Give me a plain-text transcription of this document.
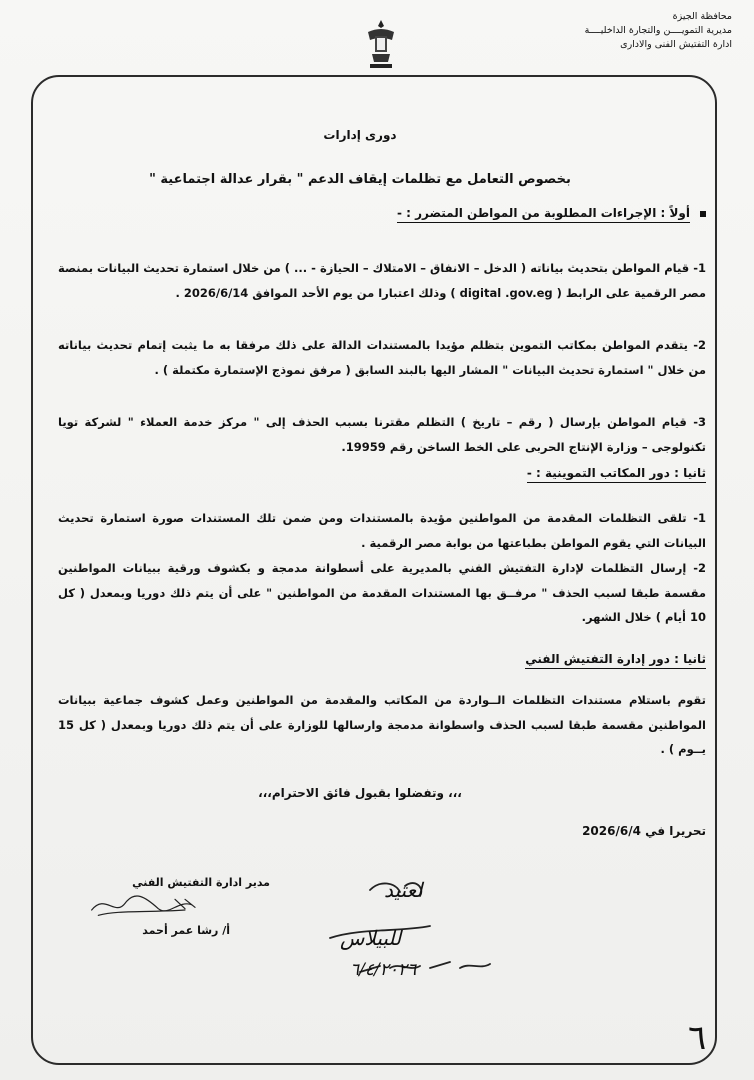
محافظة الجيزة
مديرية التمويــــن والتجارة الداخليــــة
ادارة التفتيش الفنى والادارى
دورى إدارات
بخصوص التعامل مع تظلمات إيقاف الدعم " بقرار عدالة اجتماعية "
أولاً : الإجراءات المطلوبة من المواطن المتضرر : -
1- قيام المواطن بتحديث بياناته ( الدخل – الانفاق – الامتلاك – الحيازة - ... ) من خلال استمارة تحديث البيانات بمنصة مصر الرقمية على الرابط ( digital .gov.eg ) وذلك اعتبارا من يوم الأحد الموافق 2026/6/14 .
2- يتقدم المواطن بمكاتب التموين بتظلم مؤيدا بالمستندات الدالة على ذلك مرفقا به ما يثبت إتمام تحديث بياناته من خلال " استمارة تحديث البيانات " المشار اليها بالبند السابق ( مرفق نموذج الإستمارة مكتملة ) .
3- قيام المواطن بإرسال ( رقم – تاريخ ) التظلم مقترنا بسبب الحذف إلى " مركز خدمة العملاء " لشركة تويا تكنولوجى – وزارة الإنتاج الحربى على الخط الساخن رقم 19959.
ثانيا : دور المكاتب التموينية : -
1- تلقى التظلمات المقدمة من المواطنين مؤيدة بالمستندات ومن ضمن تلك المستندات صورة استمارة تحديث البيانات التي يقوم المواطن بطباعتها من بوابة مصر الرقمية .
2- إرسال التظلمات لإدارة التفتيش الفني بالمديرية على أسطوانة مدمجة و بكشوف ورقية ببيانات المواطنين مقسمة طبقا لسبب الحذف " مرفــق بها المستندات المقدمة من المواطنين " على أن يتم ذلك دوريا وبمعدل ( كل 10 أيام ) خلال الشهر.
ثانيا : دور إدارة التفتيش الفني
تقوم باستلام مستندات التظلمات الــواردة من المكاتب والمقدمة من المواطنين وعمل كشوف جماعية ببيانات المواطنين مقسمة طبقا لسبب الحذف واسطوانة مدمجة وارسالها للوزارة على أن يتم ذلك دوريا وبمعدل ( كل 15 يــوم ) .
،،، وتفضلوا بقبول فائق الاحترام،،،
تحريرا في 2026/6/4
مدير ادارة التفتيش الفني
أ/ رشا عمر أحمد
لعتيد
للبيلاس
٦/٤/٢٠٢٦
٦
